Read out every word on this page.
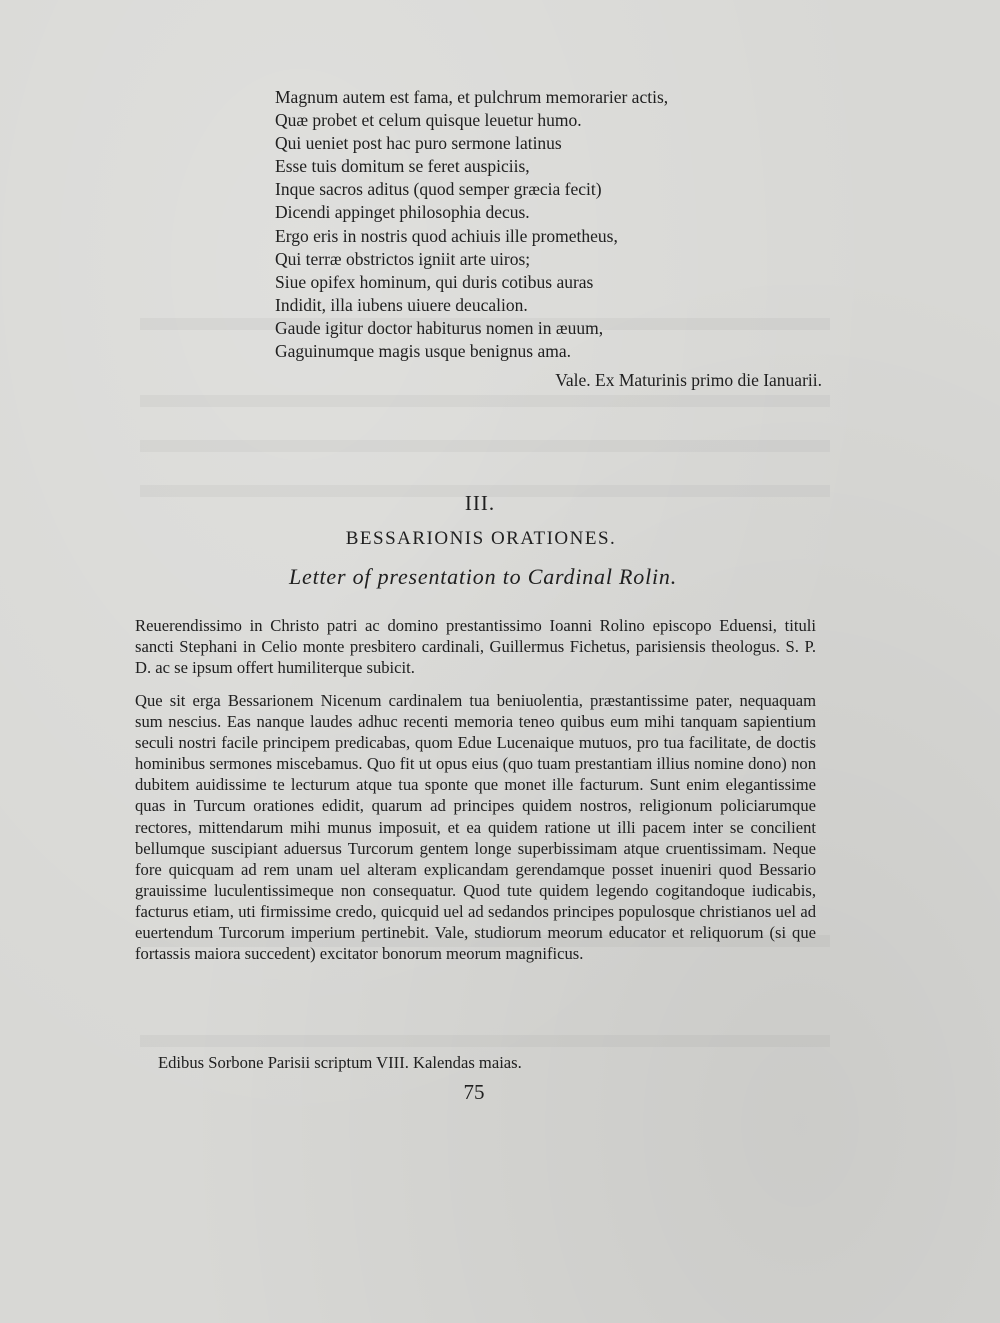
Magnum autem est fama, et pulchrum memorarier actis,
Quæ probet et celum quisque leuetur humo.
Qui ueniet post hac puro sermone latinus
Esse tuis domitum se feret auspiciis,
Inque sacros aditus (quod semper græcia fecit)
Dicendi appinget philosophia decus.
Ergo eris in nostris quod achiuis ille prometheus,
Qui terræ obstrictos igniit arte uiros;
Siue opifex hominum, qui duris cotibus auras
Indidit, illa iubens uiuere deucalion.
Gaude igitur doctor habiturus nomen in æuum,
Gaguinumque magis usque benignus ama.
Vale. Ex Maturinis primo die Ianuarii.
III.
BESSARIONIS ORATIONES.
Letter of presentation to Cardinal Rolin.

Reuerendissimo in Christo patri ac domino prestantissimo Ioanni Rolino episcopo Eduensi, tituli sancti Stephani in Celio monte presbitero cardinali, Guillermus Fichetus, parisiensis theologus. S. P. D. ac se ipsum offert humiliterque subicit.

Que sit erga Bessarionem Nicenum cardinalem tua beniuolentia, præstantissime pater, nequaquam sum nescius. Eas nanque laudes adhuc recenti memoria teneo quibus eum mihi tanquam sapientium seculi nostri facile principem predicabas, quom Edue Lucenaique mutuos, pro tua facilitate, de doctis hominibus sermones miscebamus. Quo fit ut opus eius (quo tuam prestantiam illius nomine dono) non dubitem auidissime te lecturum atque tua sponte que monet ille facturum. Sunt enim elegantissime quas in Turcum orationes edidit, quarum ad principes quidem nostros, religionum policiarumque rectores, mittendarum mihi munus imposuit, et ea quidem ratione ut illi pacem inter se concilient bellumque suscipiant aduersus Turcorum gentem longe superbissimam atque cruentissimam. Neque fore quicquam ad rem unam uel alteram explicandam gerendamque posset inueniri quod Bessario grauissime luculentissimeque non consequatur. Quod tute quidem legendo cogitandoque iudicabis, facturus etiam, uti firmissime credo, quicquid uel ad sedandos principes populosque christianos uel ad euertendum Turcorum imperium pertinebit. Vale, studiorum meorum educator et reliquorum (si que fortassis maiora succedent) excitator bonorum meorum magnificus.

Edibus Sorbone Parisii scriptum VIII. Kalendas maias.
75
